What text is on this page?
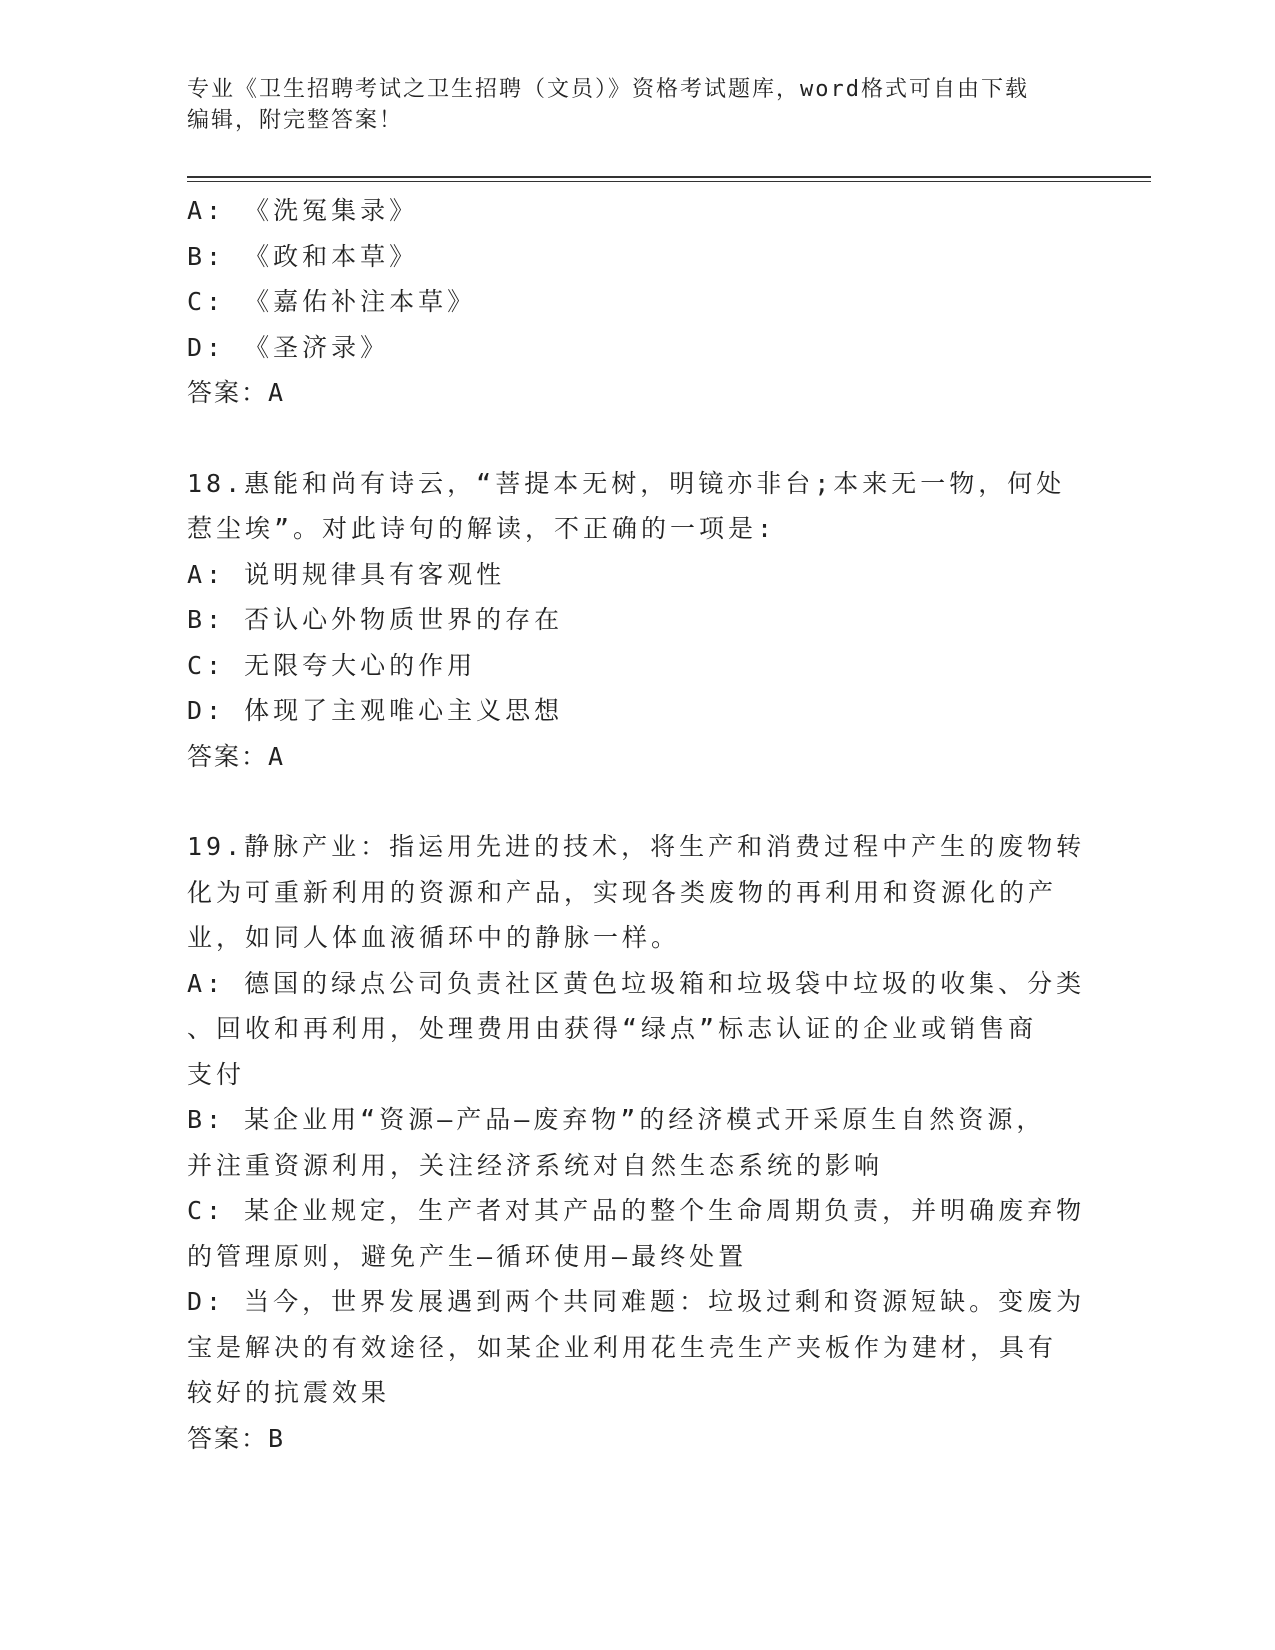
专业《卫生招聘考试之卫生招聘（文员）》资格考试题库，word格式可自由下载
编辑，附完整答案！
A: 《洗冤集录》
B: 《政和本草》
C: 《嘉佑补注本草》
D: 《圣济录》
答案：A
18.惠能和尚有诗云，“菩提本无树，明镜亦非台;本来无一物，何处
惹尘埃”。对此诗句的解读，不正确的一项是:
A: 说明规律具有客观性
B: 否认心外物质世界的存在
C: 无限夸大心的作用
D: 体现了主观唯心主义思想
答案：A
19.静脉产业：指运用先进的技术，将生产和消费过程中产生的废物转
化为可重新利用的资源和产品，实现各类废物的再利用和资源化的产
业，如同人体血液循环中的静脉一样。
A: 德国的绿点公司负责社区黄色垃圾箱和垃圾袋中垃圾的收集、分类
、回收和再利用，处理费用由获得“绿点”标志认证的企业或销售商
支付
B: 某企业用“资源—产品—废弃物”的经济模式开采原生自然资源，
并注重资源利用，关注经济系统对自然生态系统的影响
C: 某企业规定，生产者对其产品的整个生命周期负责，并明确废弃物
的管理原则，避免产生—循环使用—最终处置
D: 当今，世界发展遇到两个共同难题：垃圾过剩和资源短缺。变废为
宝是解决的有效途径，如某企业利用花生壳生产夹板作为建材，具有
较好的抗震效果
答案：B
